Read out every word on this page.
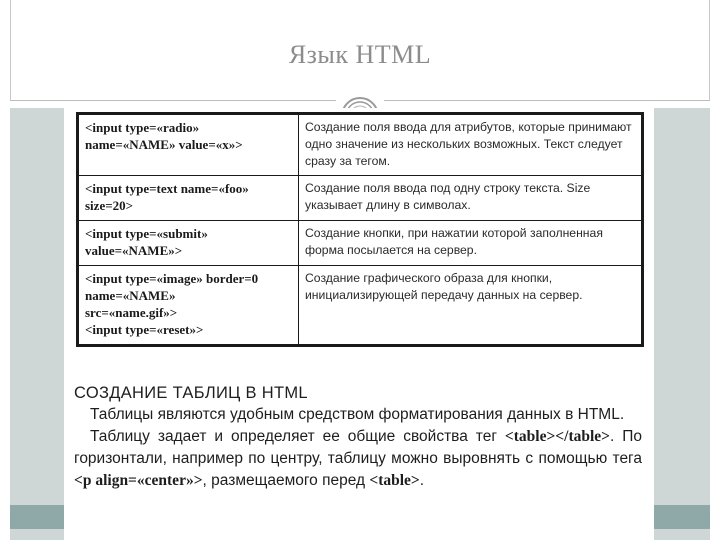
Язык HTML
<input type=«radio»
name=«NAME» value=«x»>	Создание поля ввода для атрибутов, которые принимают одно значение из нескольких возможных. Текст следует сразу за тегом.

<input type=text name=«foo»
size=20>	Создание поля ввода под одну строку текста. Size указывает длину в символах.

<input type=«submit»
value=«NAME»>	Создание кнопки, при нажатии которой заполненная форма посылается на сервер.

<input type=«image» border=0
name=«NAME»
src=«name.gif»>
<input type=«reset»>	Создание графического образа для кнопки, инициализирующей передачу данных на сервер.

СОЗДАНИЕ ТАБЛИЦ В HTML

Таблицы являются удобным средством форматирования данных в HTML.

Таблицу задает и определяет ее общие свойства тег <table></table>. По горизонтали, например по центру, таблицу можно выровнять с помощью тега <p align=«center»>, размещаемого перед <table>.
